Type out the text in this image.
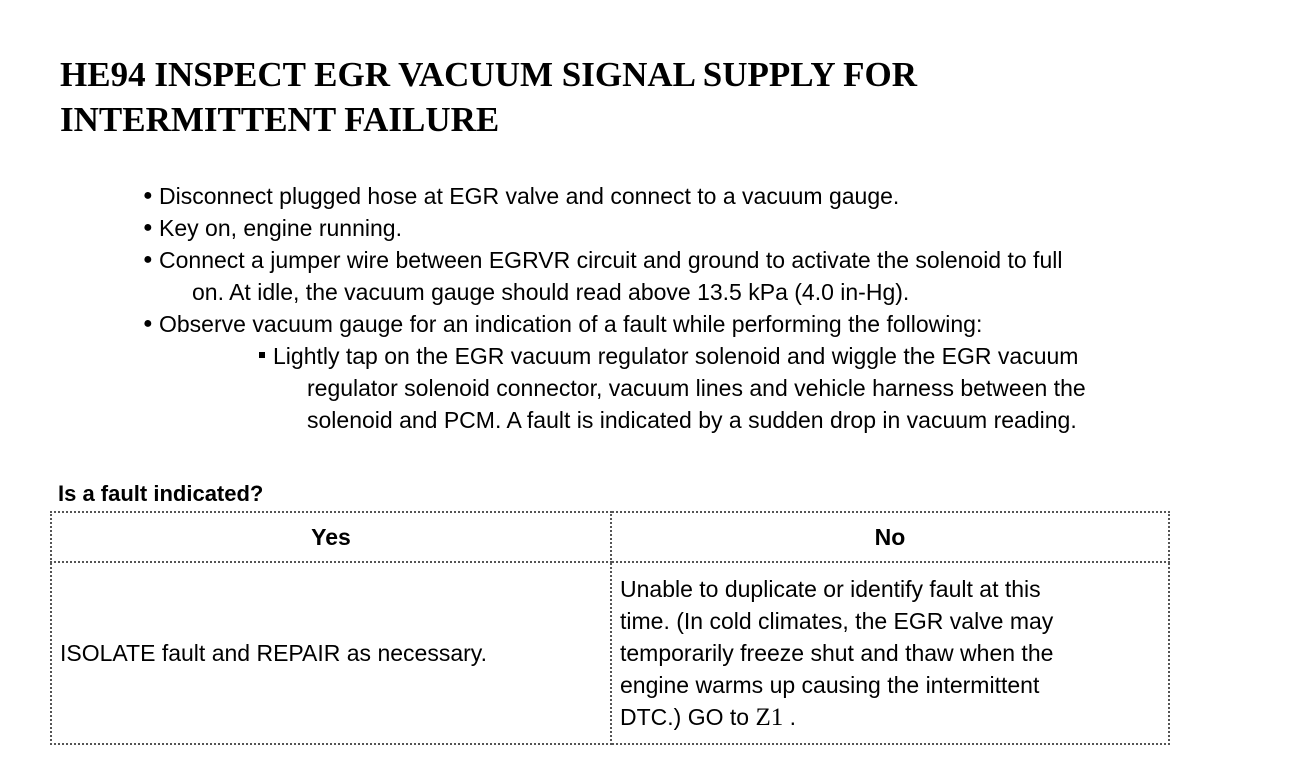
HE94 INSPECT EGR VACUUM SIGNAL SUPPLY FOR
INTERMITTENT FAILURE
● Disconnect plugged hose at EGR valve and connect to a vacuum gauge.
● Key on, engine running.
● Connect a jumper wire between EGRVR circuit and ground to activate the solenoid to full
on. At idle, the vacuum gauge should read above 13.5 kPa (4.0 in-Hg).
● Observe vacuum gauge for an indication of a fault while performing the following:
Lightly tap on the EGR vacuum regulator solenoid and wiggle the EGR vacuum
regulator solenoid connector, vacuum lines and vehicle harness between the
solenoid and PCM. A fault is indicated by a sudden drop in vacuum reading.

Is a fault indicated?

Yes	No
ISOLATE fault and REPAIR as necessary.	Unable to duplicate or identify fault at this
time. (In cold climates, the EGR valve may
temporarily freeze shut and thaw when the
engine warms up causing the intermittent
DTC.) GO to Z1 .
